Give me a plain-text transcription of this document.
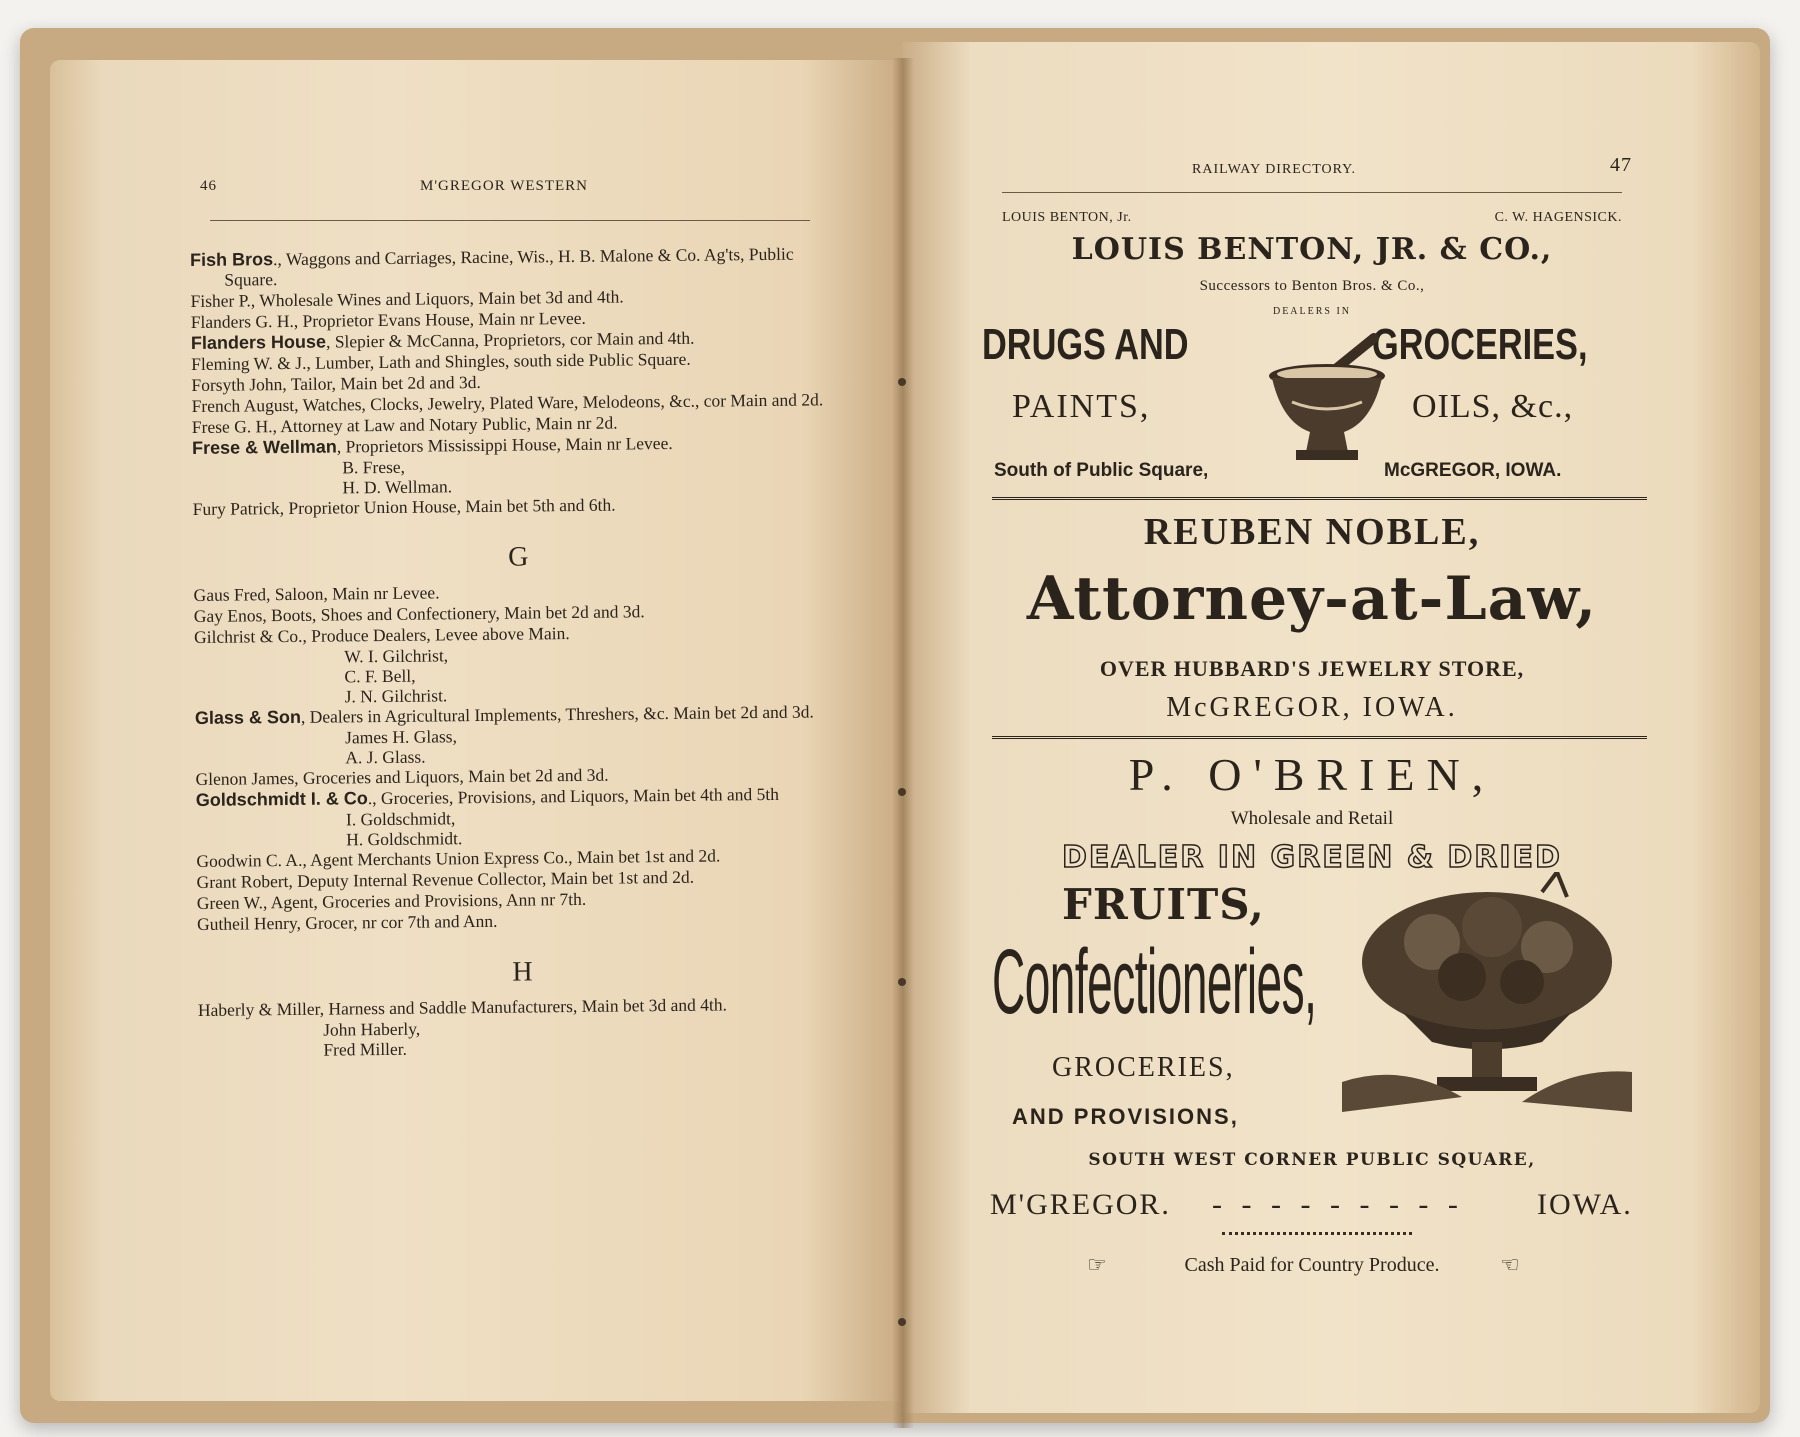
46	M'GREGOR WESTERN
Fish Bros., Waggons and Carriages, Racine, Wis., H. B. Malone & Co. Ag'ts, Public Square.
Fisher P., Wholesale Wines and Liquors, Main bet 3d and 4th.
Flanders G. H., Proprietor Evans House, Main nr Levee.
Flanders House, Slepier & McCanna, Proprietors, cor Main and 4th.
Fleming W. & J., Lumber, Lath and Shingles, south side Public Square.
Forsyth John, Tailor, Main bet 2d and 3d.
French August, Watches, Clocks, Jewelry, Plated Ware, Melodeons, &c., cor Main and 2d.
Frese G. H., Attorney at Law and Notary Public, Main nr 2d.
Frese & Wellman, Proprietors Mississippi House, Main nr Levee.
B. Frese,
H. D. Wellman.
Fury Patrick, Proprietor Union House, Main bet 5th and 6th.
G
Gaus Fred, Saloon, Main nr Levee.
Gay Enos, Boots, Shoes and Confectionery, Main bet 2d and 3d.
Gilchrist & Co., Produce Dealers, Levee above Main.
W. I. Gilchrist,
C. F. Bell,
J. N. Gilchrist.
Glass & Son, Dealers in Agricultural Implements, Threshers, &c. Main bet 2d and 3d.
James H. Glass,
A. J. Glass.
Glenon James, Groceries and Liquors, Main bet 2d and 3d.
Goldschmidt I. & Co., Groceries, Provisions, and Liquors, Main bet 4th and 5th
I. Goldschmidt,
H. Goldschmidt.
Goodwin C. A., Agent Merchants Union Express Co., Main bet 1st and 2d.
Grant Robert, Deputy Internal Revenue Collector, Main bet 1st and 2d.
Green W., Agent, Groceries and Provisions, Ann nr 7th.
Gutheil Henry, Grocer, nr cor 7th and Ann.
H
Haberly & Miller, Harness and Saddle Manufacturers, Main bet 3d and 4th.
John Haberly,
Fred Miller.
RAILWAY DIRECTORY.	47
LOUIS BENTON, Jr.	C. W. HAGENSICK.
LOUIS BENTON, JR. & CO.,
Successors to Benton Bros. & Co.,
DEALERS IN
DRUGS AND	GROCERIES,
PAINTS,	OILS, &c.,
South of Public Square,	McGREGOR, IOWA.
REUBEN NOBLE,
Attorney-at-Law,
OVER HUBBARD'S JEWELRY STORE,
McGREGOR, IOWA.
P. O'BRIEN,
Wholesale and Retail
DEALER IN GREEN & DRIED
FRUITS,
Confectioneries,
GROCERIES,
AND PROVISIONS,
SOUTH WEST CORNER PUBLIC SQUARE,
M'GREGOR. - - - - - - - - - IOWA.
☞	Cash Paid for Country Produce.	☜
